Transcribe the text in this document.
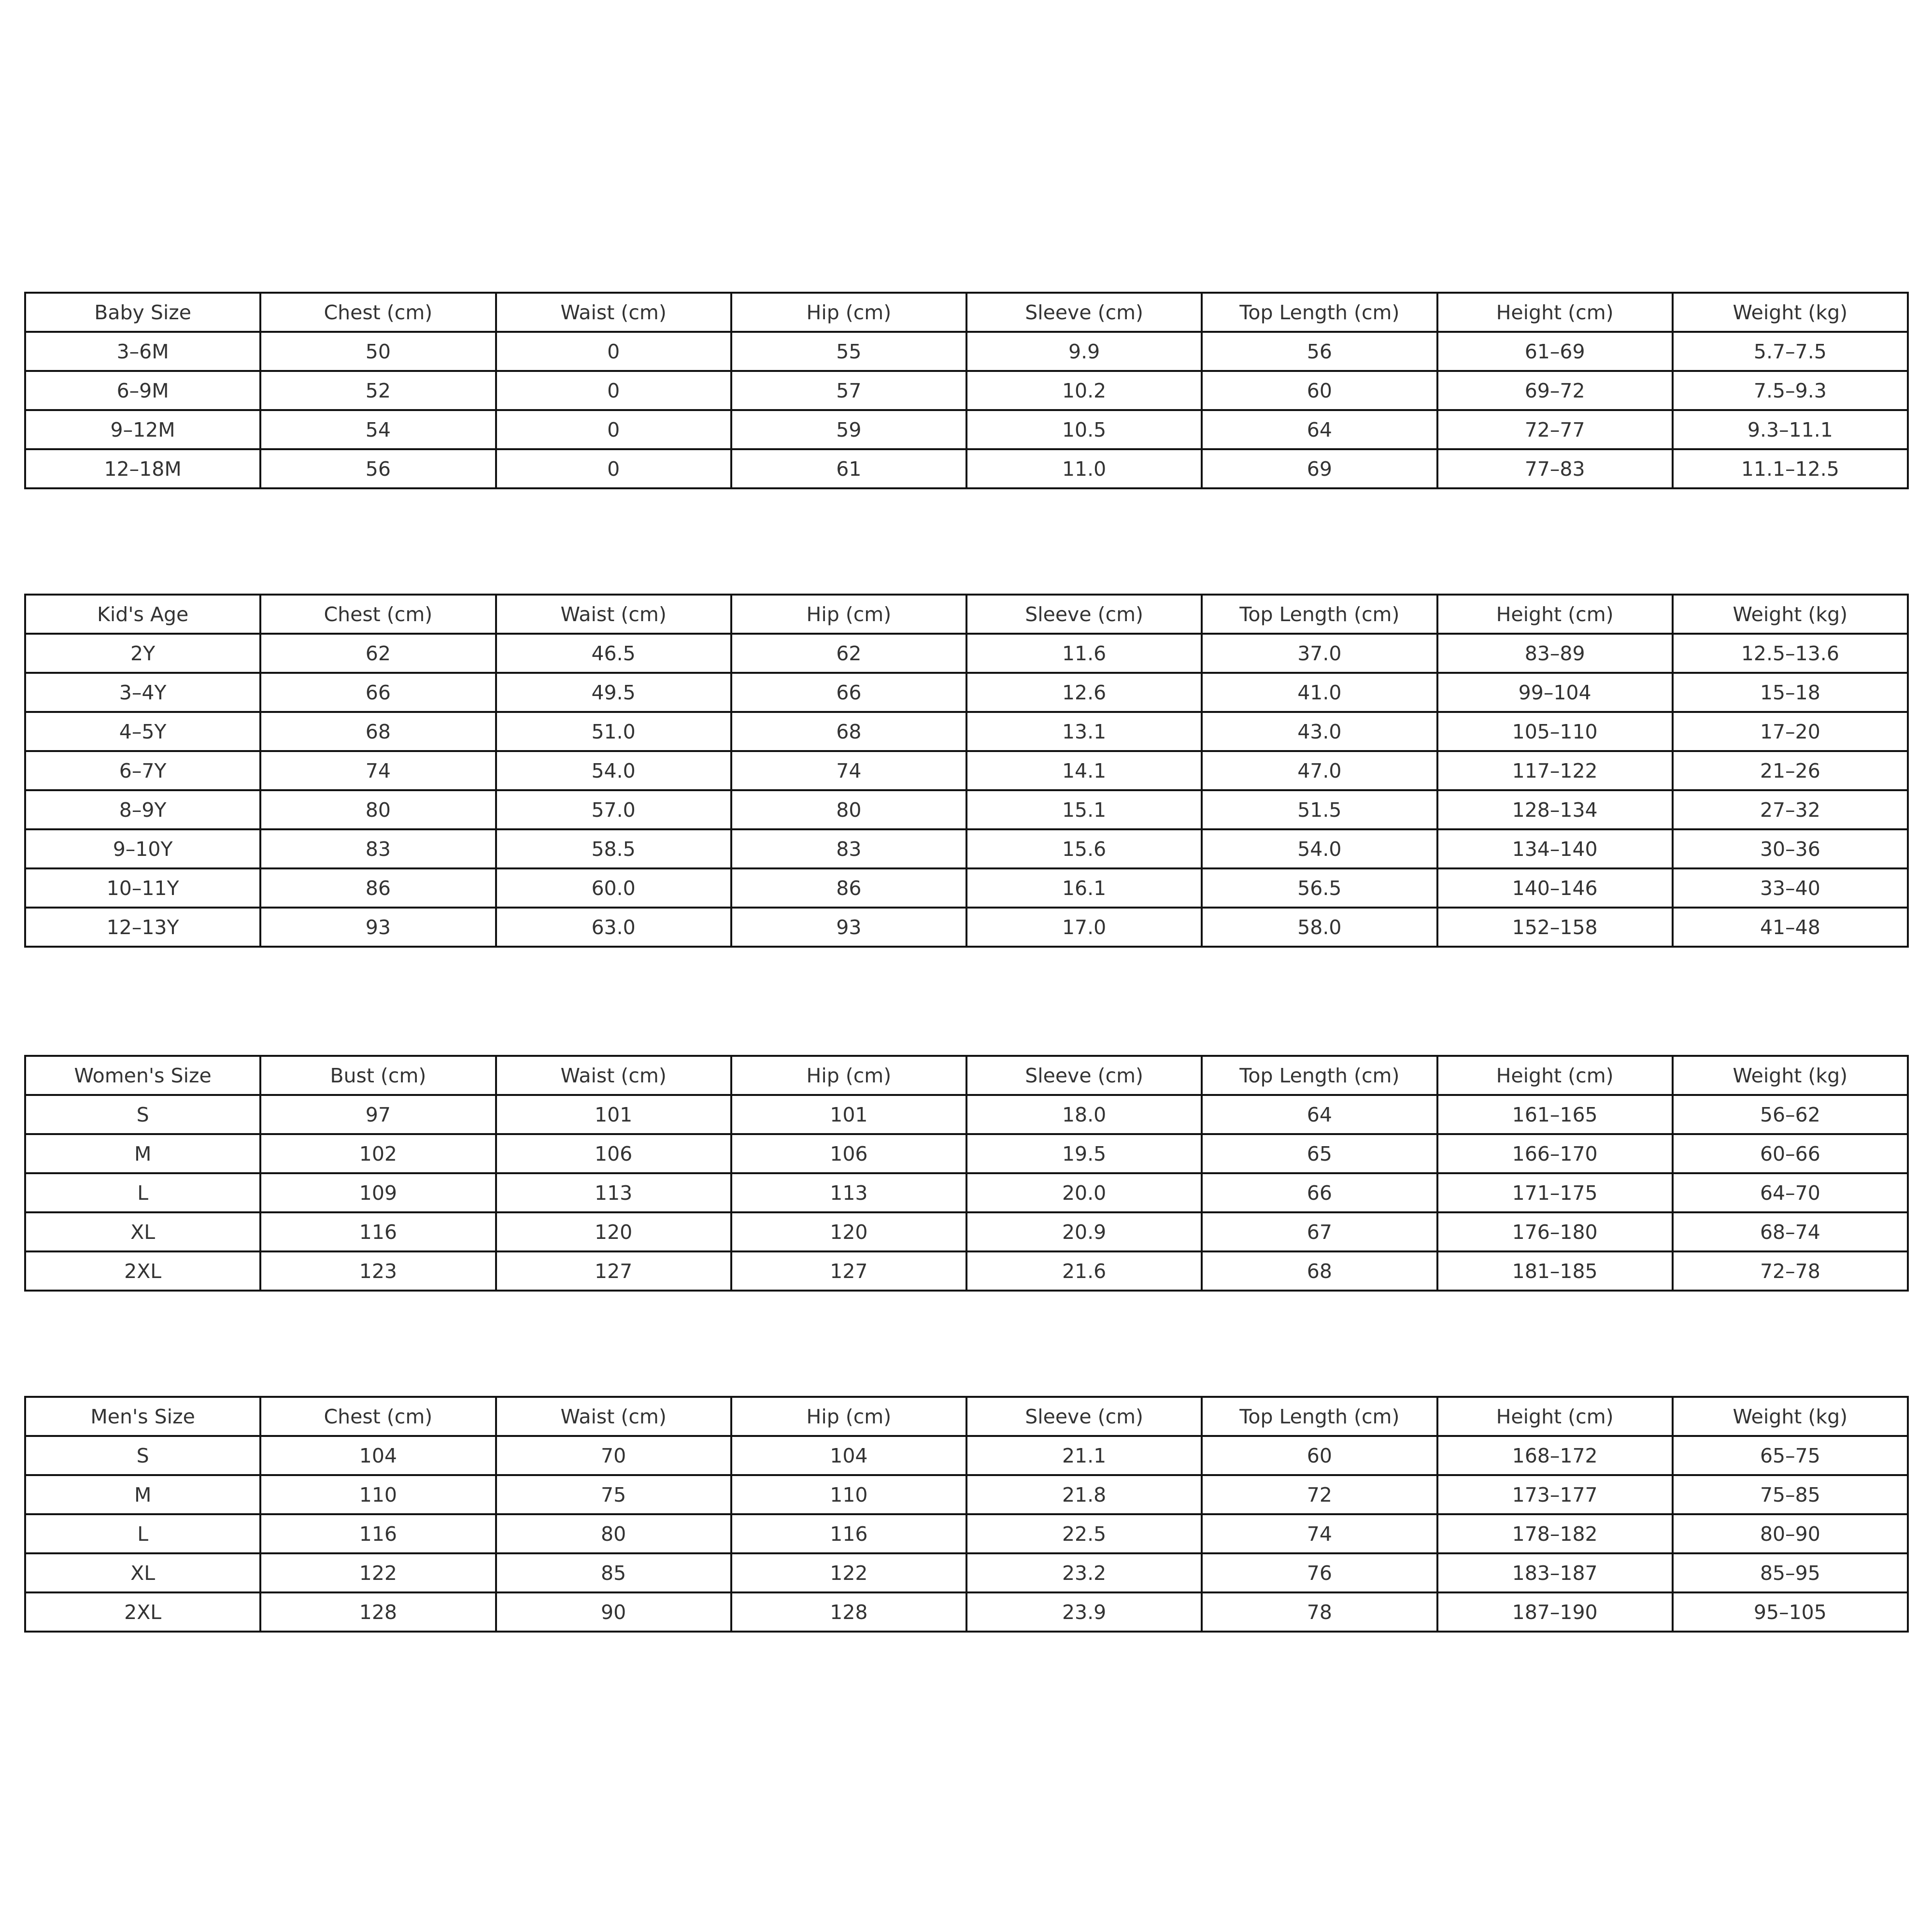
Baby Size	Chest (cm)	Waist (cm)	Hip (cm)	Sleeve (cm)	Top Length (cm)	Height (cm)	Weight (kg)
3–6M	50	0	55	9.9	56	61–69	5.7–7.5
6–9M	52	0	57	10.2	60	69–72	7.5–9.3
9–12M	54	0	59	10.5	64	72–77	9.3–11.1
12–18M	56	0	61	11.0	69	77–83	11.1–12.5
Kid's Age	Chest (cm)	Waist (cm)	Hip (cm)	Sleeve (cm)	Top Length (cm)	Height (cm)	Weight (kg)
2Y	62	46.5	62	11.6	37.0	83–89	12.5–13.6
3–4Y	66	49.5	66	12.6	41.0	99–104	15–18
4–5Y	68	51.0	68	13.1	43.0	105–110	17–20
6–7Y	74	54.0	74	14.1	47.0	117–122	21–26
8–9Y	80	57.0	80	15.1	51.5	128–134	27–32
9–10Y	83	58.5	83	15.6	54.0	134–140	30–36
10–11Y	86	60.0	86	16.1	56.5	140–146	33–40
12–13Y	93	63.0	93	17.0	58.0	152–158	41–48
Women's Size	Bust (cm)	Waist (cm)	Hip (cm)	Sleeve (cm)	Top Length (cm)	Height (cm)	Weight (kg)
S	97	101	101	18.0	64	161–165	56–62
M	102	106	106	19.5	65	166–170	60–66
L	109	113	113	20.0	66	171–175	64–70
XL	116	120	120	20.9	67	176–180	68–74
2XL	123	127	127	21.6	68	181–185	72–78
Men's Size	Chest (cm)	Waist (cm)	Hip (cm)	Sleeve (cm)	Top Length (cm)	Height (cm)	Weight (kg)
S	104	70	104	21.1	60	168–172	65–75
M	110	75	110	21.8	72	173–177	75–85
L	116	80	116	22.5	74	178–182	80–90
XL	122	85	122	23.2	76	183–187	85–95
2XL	128	90	128	23.9	78	187–190	95–105
